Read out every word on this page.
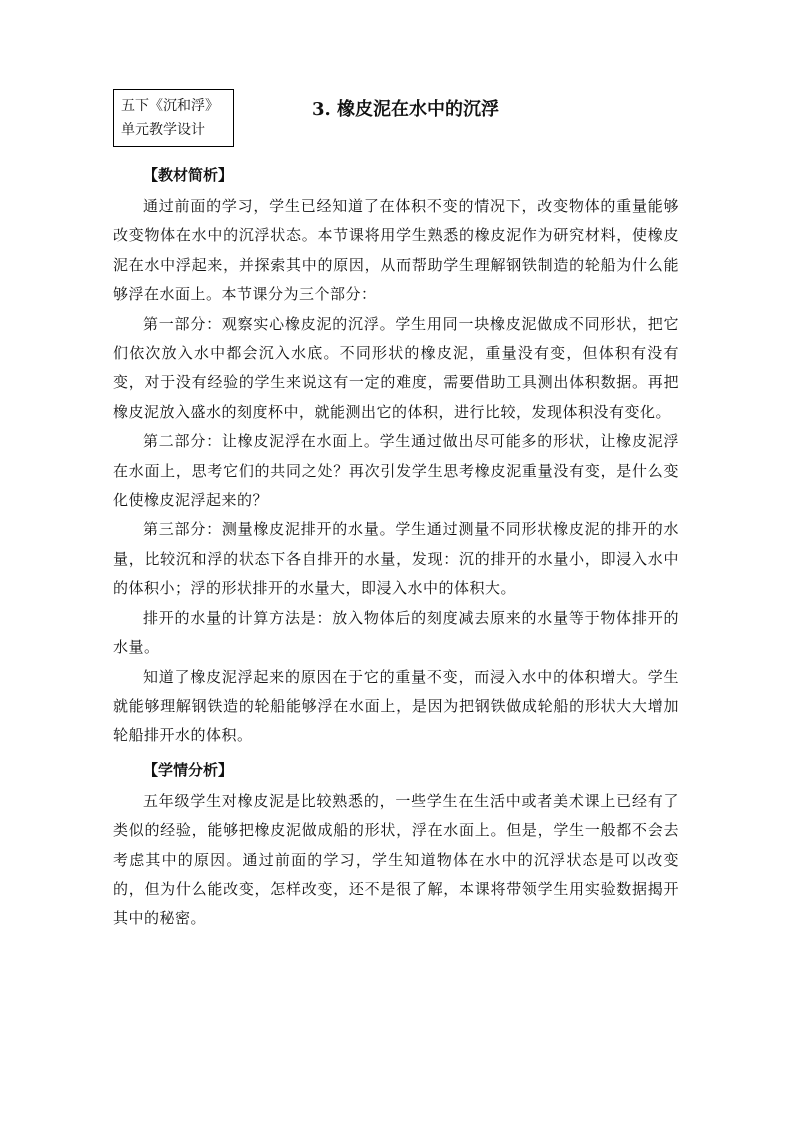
五下《沉和浮》
单元教学设计
3. 橡皮泥在水中的沉浮
【教材简析】

通过前面的学习，学生已经知道了在体积不变的情况下，改变物体的重量能够改变物体在水中的沉浮状态。本节课将用学生熟悉的橡皮泥作为研究材料，使橡皮泥在水中浮起来，并探索其中的原因，从而帮助学生理解钢铁制造的轮船为什么能够浮在水面上。本节课分为三个部分：

第一部分：观察实心橡皮泥的沉浮。学生用同一块橡皮泥做成不同形状，把它们依次放入水中都会沉入水底。不同形状的橡皮泥，重量没有变，但体积有没有变，对于没有经验的学生来说这有一定的难度，需要借助工具测出体积数据。再把橡皮泥放入盛水的刻度杯中，就能测出它的体积，进行比较，发现体积没有变化。

第二部分：让橡皮泥浮在水面上。学生通过做出尽可能多的形状，让橡皮泥浮在水面上，思考它们的共同之处？再次引发学生思考橡皮泥重量没有变，是什么变化使橡皮泥浮起来的？

第三部分：测量橡皮泥排开的水量。学生通过测量不同形状橡皮泥的排开的水量，比较沉和浮的状态下各自排开的水量，发现：沉的排开的水量小，即浸入水中的体积小；浮的形状排开的水量大，即浸入水中的体积大。

排开的水量的计算方法是：放入物体后的刻度减去原来的水量等于物体排开的水量。

知道了橡皮泥浮起来的原因在于它的重量不变，而浸入水中的体积增大。学生就能够理解钢铁造的轮船能够浮在水面上，是因为把钢铁做成轮船的形状大大增加轮船排开水的体积。

【学情分析】

五年级学生对橡皮泥是比较熟悉的，一些学生在生活中或者美术课上已经有了类似的经验，能够把橡皮泥做成船的形状，浮在水面上。但是，学生一般都不会去考虑其中的原因。通过前面的学习，学生知道物体在水中的沉浮状态是可以改变的，但为什么能改变，怎样改变，还不是很了解，本课将带领学生用实验数据揭开其中的秘密。
